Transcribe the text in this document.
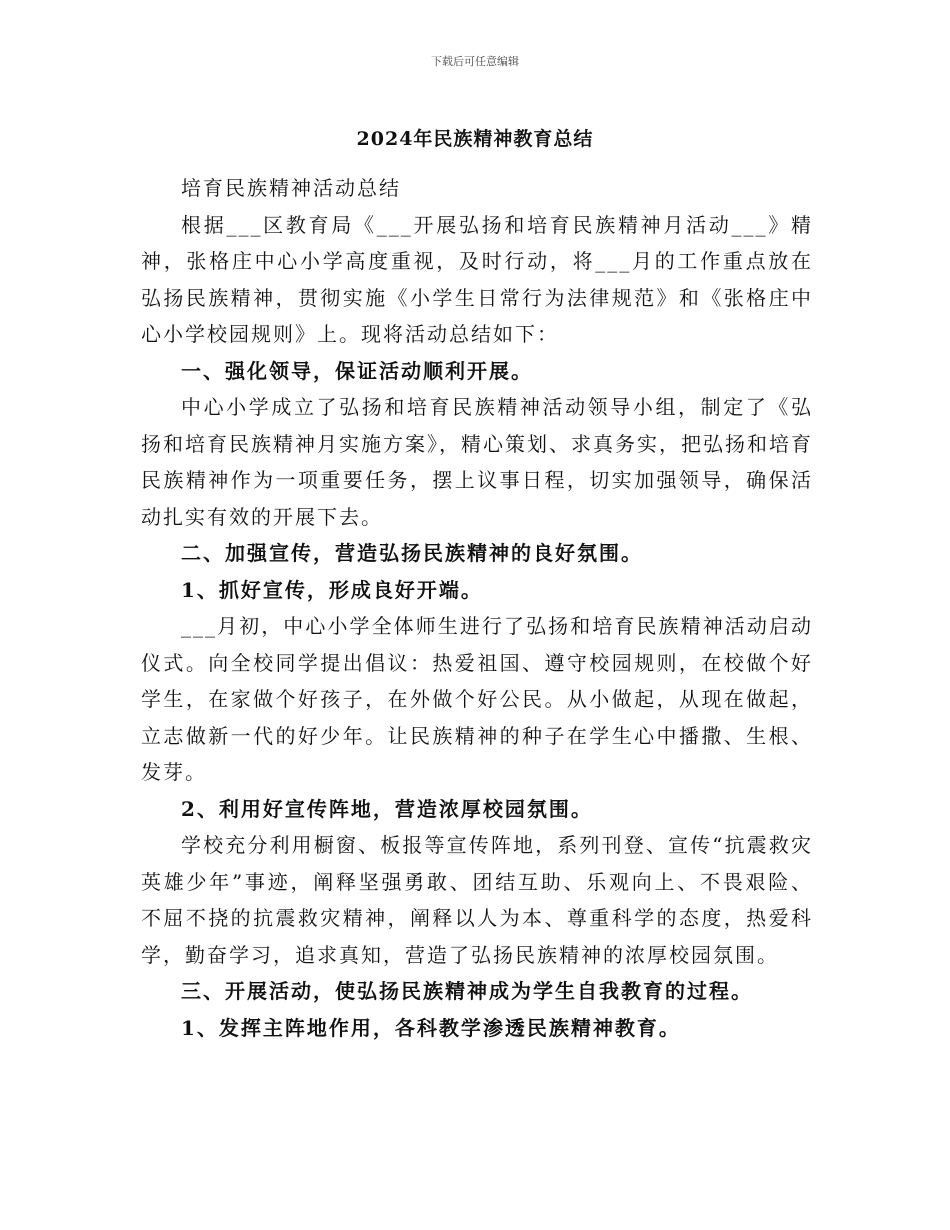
下载后可任意编辑
2024年民族精神教育总结

培育民族精神活动总结

根据___区教育局《___开展弘扬和培育民族精神月活动___》精神，张格庄中心小学高度重视，及时行动，将___月的工作重点放在弘扬民族精神，贯彻实施《小学生日常行为法律规范》和《张格庄中心小学校园规则》上。现将活动总结如下：

一、强化领导，保证活动顺利开展。

中心小学成立了弘扬和培育民族精神活动领导小组，制定了《弘扬和培育民族精神月实施方案》，精心策划、求真务实，把弘扬和培育民族精神作为一项重要任务，摆上议事日程，切实加强领导，确保活动扎实有效的开展下去。

二、加强宣传，营造弘扬民族精神的良好氛围。

1、抓好宣传，形成良好开端。

___月初，中心小学全体师生进行了弘扬和培育民族精神活动启动仪式。向全校同学提出倡议：热爱祖国、遵守校园规则，在校做个好学生，在家做个好孩子，在外做个好公民。从小做起，从现在做起，立志做新一代的好少年。让民族精神的种子在学生心中播撒、生根、发芽。

2、利用好宣传阵地，营造浓厚校园氛围。

学校充分利用橱窗、板报等宣传阵地，系列刊登、宣传“抗震救灾英雄少年”事迹，阐释坚强勇敢、团结互助、乐观向上、不畏艰险、不屈不挠的抗震救灾精神，阐释以人为本、尊重科学的态度，热爱科学，勤奋学习，追求真知，营造了弘扬民族精神的浓厚校园氛围。

三、开展活动，使弘扬民族精神成为学生自我教育的过程。

1、发挥主阵地作用，各科教学渗透民族精神教育。
